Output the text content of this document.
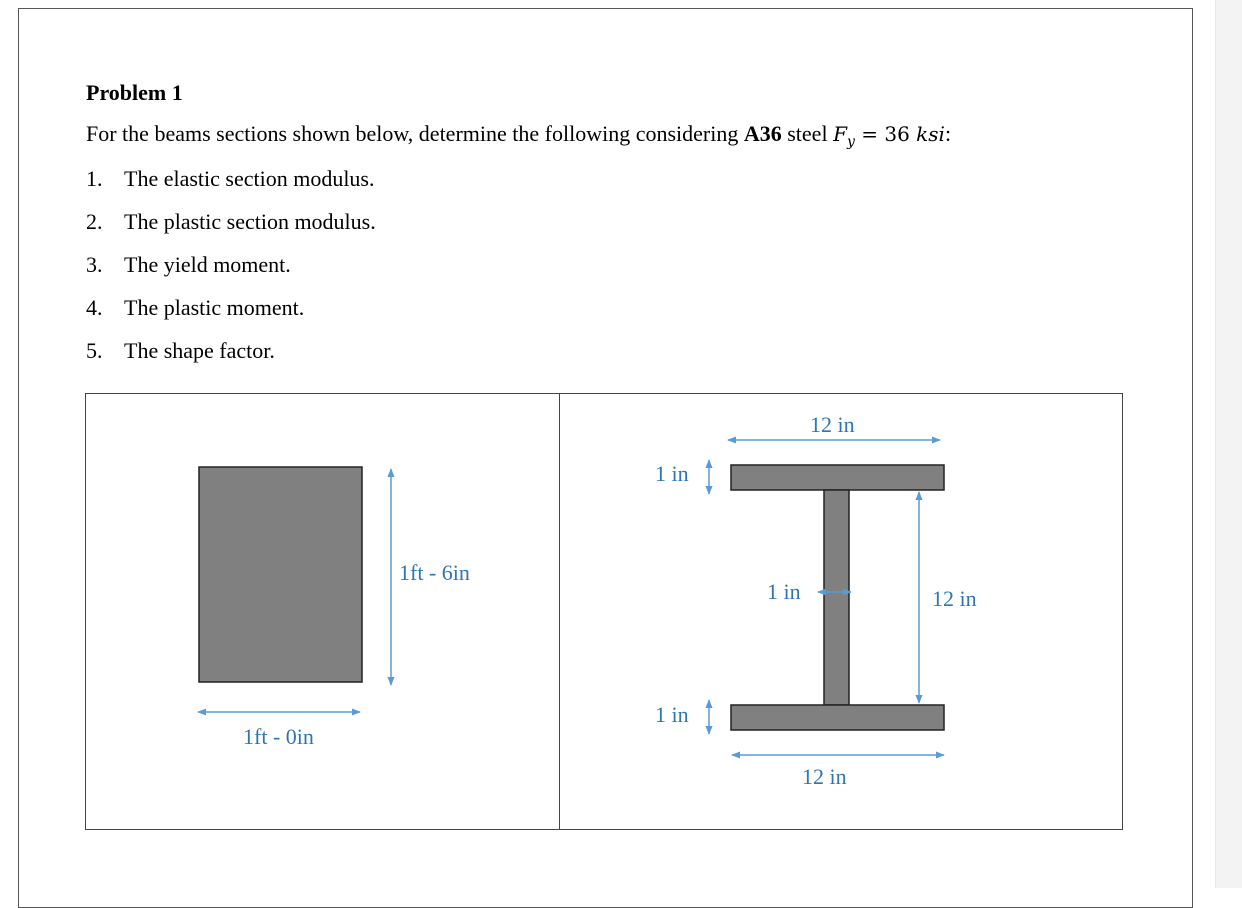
Problem 1
For the beams sections shown below, determine the following considering A36 steel $F_y = 36$ ksi:
1. The elastic section modulus.
2. The plastic section modulus.
3. The yield moment.
4. The plastic moment.
5. The shape factor.
1ft - 6in
1ft - 0in
12 in
1 in
1 in	12 in
1 in
12 in
